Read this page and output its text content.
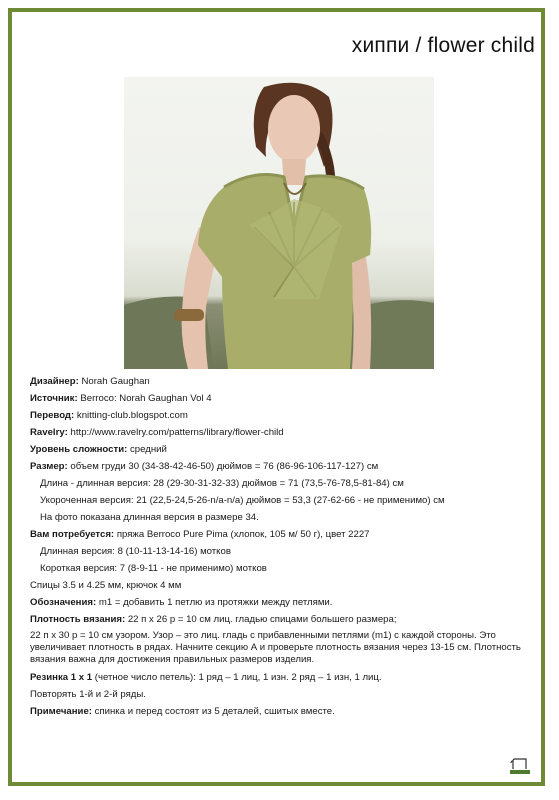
хиппи / flower child
Дизайнер: Norah Gaughan
Источник: Berroco: Norah Gaughan Vol 4
Перевод: knitting-club.blogspot.com
Ravelry: http://www.ravelry.com/patterns/library/flower-child
Уровень сложности: средний
Размер: объем груди 30 (34-38-42-46-50) дюймов = 76 (86-96-106-117-127) см
Длина - длинная версия: 28 (29-30-31-32-33) дюймов = 71 (73,5-76-78,5-81-84) см
Укороченная версия: 21 (22,5-24,5-26-n/a-n/a) дюймов = 53,3 (27-62-66 - не применимо) см
На фото показана длинная версия в размере 34.
Вам потребуется: пряжа Berroco Pure Pima (хлопок, 105 м/ 50 г), цвет 2227
Длинная версия: 8 (10-11-13-14-16) мотков
Короткая версия: 7 (8-9-11 - не применимо) мотков
Спицы 3.5 и 4.25 мм, крючок 4 мм
Обозначения: m1 = добавить 1 петлю из протяжки между петлями.
Плотность вязания: 22 п х 26 р = 10 см лиц. гладью спицами большего размера;
22 п х 30 р = 10 см узором. Узор – это лиц. гладь с прибавленными петлями (m1) с каждой стороны. Это увеличивает плотность в рядах. Начните секцию А и проверьте плотность вязания через 13-15 см. Плотность вязания важна для достижения правильных размеров изделия.
Резинка 1 х 1 (четное число петель): 1 ряд – 1 лиц, 1 изн. 2 ряд – 1 изн, 1 лиц.
Повторять 1-й и 2-й ряды.
Примечание: спинка и перед состоят из 5 деталей, сшитых вместе.
